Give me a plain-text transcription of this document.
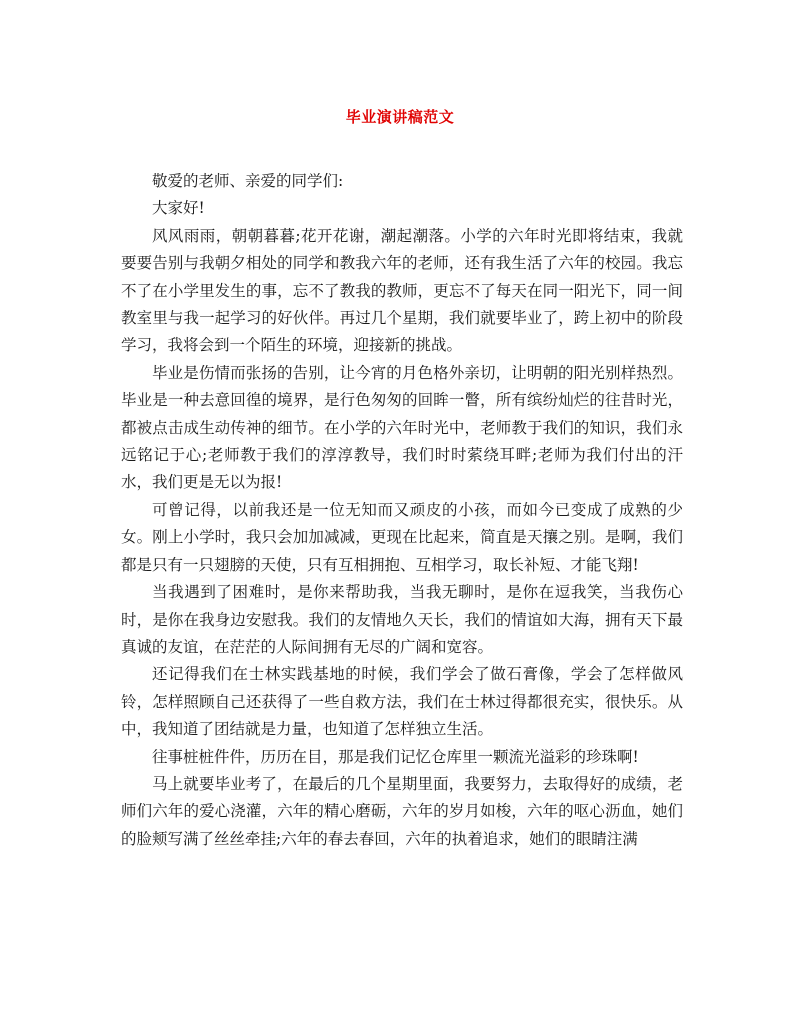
毕业演讲稿范文

敬爱的老师、亲爱的同学们:

大家好!

风风雨雨，朝朝暮暮;花开花谢，潮起潮落。小学的六年时光即将结束，我就要要告别与我朝夕相处的同学和教我六年的老师，还有我生活了六年的校园。我忘不了在小学里发生的事，忘不了教我的教师，更忘不了每天在同一阳光下，同一间教室里与我一起学习的好伙伴。再过几个星期，我们就要毕业了，跨上初中的阶段学习，我将会到一个陌生的环境，迎接新的挑战。

毕业是伤情而张扬的告别，让今宵的月色格外亲切，让明朝的阳光别样热烈。毕业是一种去意回徨的境界，是行色匆匆的回眸一瞥，所有缤纷灿烂的往昔时光，都被点击成生动传神的细节。在小学的六年时光中，老师教于我们的知识，我们永远铭记于心;老师教于我们的淳淳教导，我们时时萦绕耳畔;老师为我们付出的汗水，我们更是无以为报!

可曾记得，以前我还是一位无知而又顽皮的小孩，而如今已变成了成熟的少女。刚上小学时，我只会加加减减，更现在比起来，简直是天攘之别。是啊，我们都是只有一只翅膀的天使，只有互相拥抱、互相学习，取长补短、才能飞翔!

当我遇到了困难时，是你来帮助我，当我无聊时，是你在逗我笑，当我伤心时，是你在我身边安慰我。我们的友情地久天长，我们的情谊如大海，拥有天下最真诚的友谊，在茫茫的人际间拥有无尽的广阔和宽容。

还记得我们在士林实践基地的时候，我们学会了做石膏像，学会了怎样做风铃，怎样照顾自己还获得了一些自救方法，我们在士林过得都很充实，很快乐。从中，我知道了团结就是力量，也知道了怎样独立生活。

往事桩桩件件，历历在目，那是我们记忆仓库里一颗流光溢彩的珍珠啊!

马上就要毕业考了，在最后的几个星期里面，我要努力，去取得好的成绩，老师们六年的爱心浇灌，六年的精心磨砺，六年的岁月如梭，六年的呕心沥血，她们的脸颊写满了丝丝牵挂;六年的春去春回，六年的执着追求，她们的眼睛注满
